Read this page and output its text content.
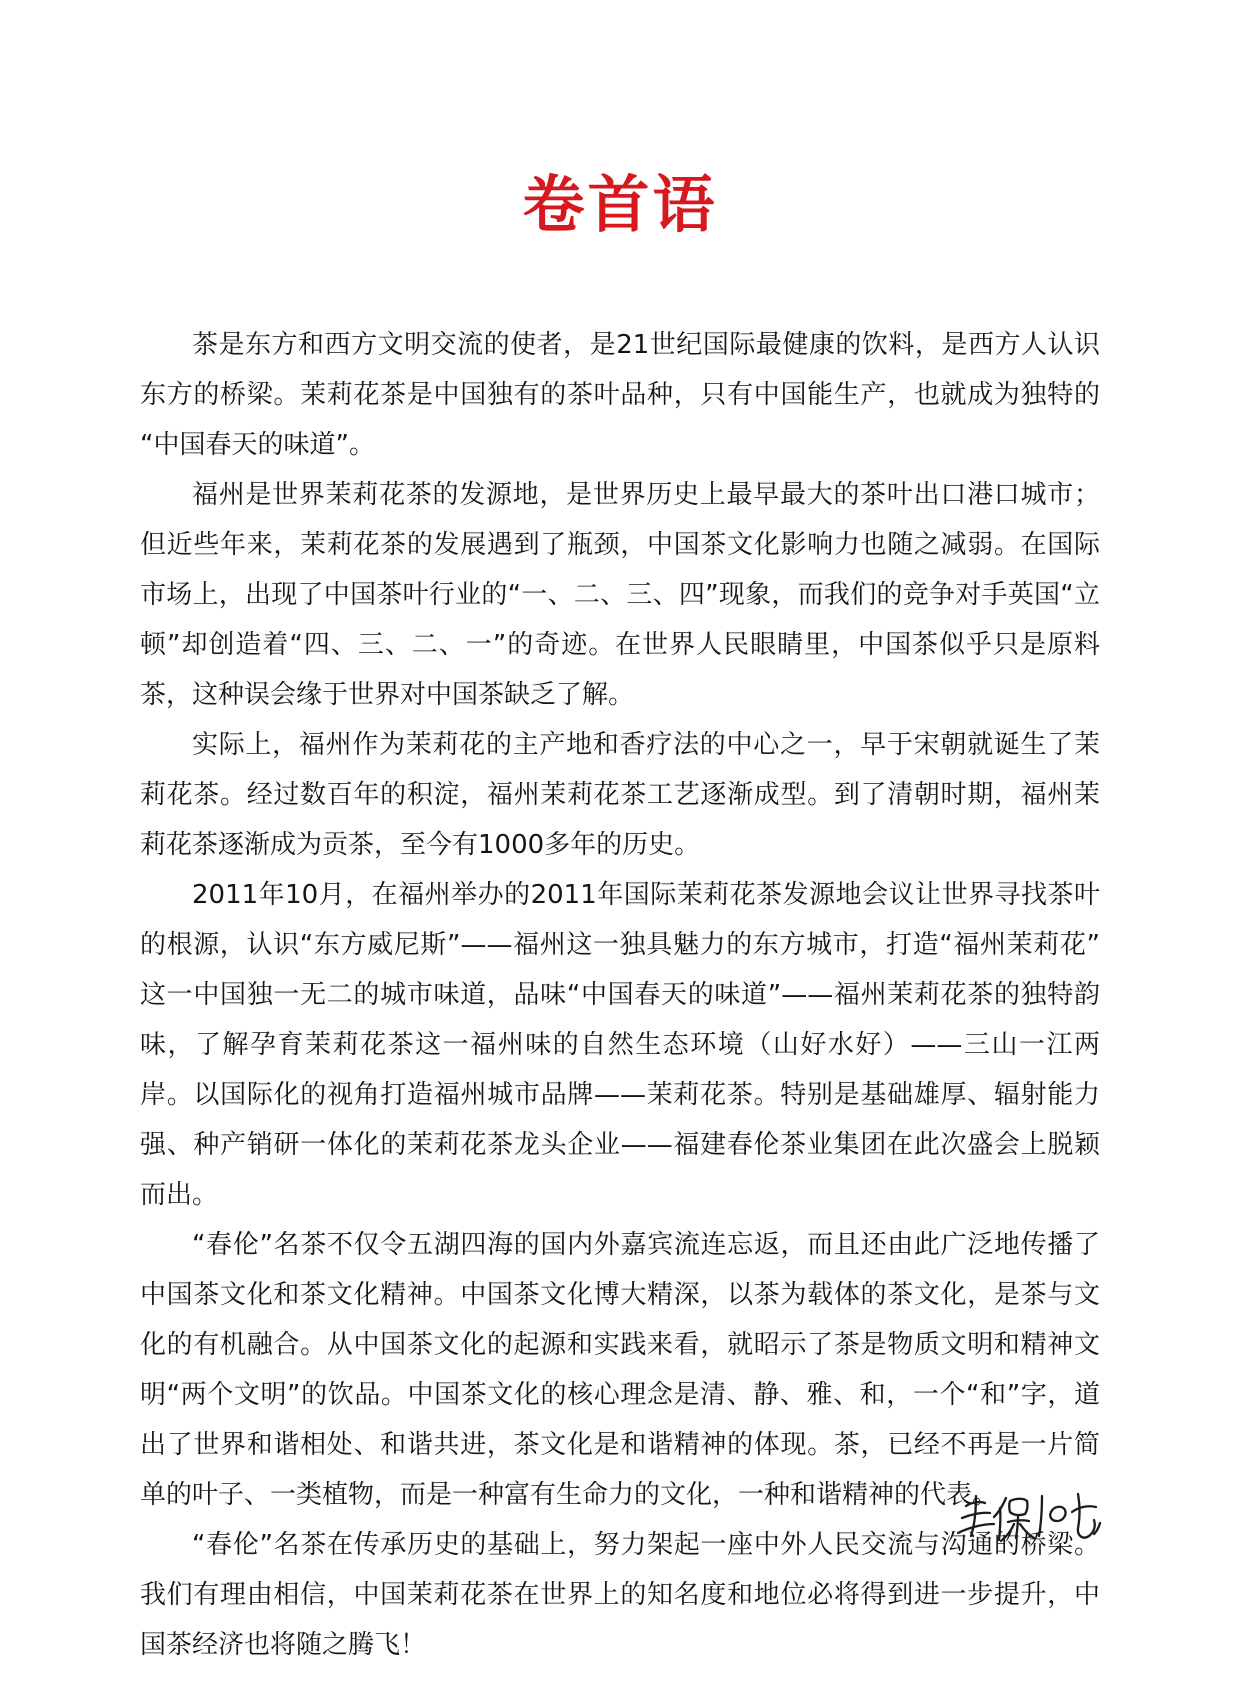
卷首语

茶是东方和西方文明交流的使者，是21世纪国际最健康的饮料，是西方人认识东方的桥梁。茉莉花茶是中国独有的茶叶品种，只有中国能生产，也就成为独特的“中国春天的味道”。

福州是世界茉莉花茶的发源地，是世界历史上最早最大的茶叶出口港口城市；但近些年来，茉莉花茶的发展遇到了瓶颈，中国茶文化影响力也随之减弱。在国际市场上，出现了中国茶叶行业的“一、二、三、四”现象，而我们的竞争对手英国“立顿”却创造着“四、三、二、一”的奇迹。在世界人民眼睛里，中国茶似乎只是原料茶，这种误会缘于世界对中国茶缺乏了解。

实际上，福州作为茉莉花的主产地和香疗法的中心之一，早于宋朝就诞生了茉莉花茶。经过数百年的积淀，福州茉莉花茶工艺逐渐成型。到了清朝时期，福州茉莉花茶逐渐成为贡茶，至今有1000多年的历史。

2011年10月，在福州举办的2011年国际茉莉花茶发源地会议让世界寻找茶叶的根源，认识“东方威尼斯”——福州这一独具魅力的东方城市，打造“福州茉莉花”这一中国独一无二的城市味道，品味“中国春天的味道”——福州茉莉花茶的独特韵味，了解孕育茉莉花茶这一福州味的自然生态环境（山好水好）——三山一江两岸。以国际化的视角打造福州城市品牌——茉莉花茶。特别是基础雄厚、辐射能力强、种产销研一体化的茉莉花茶龙头企业——福建春伦茶业集团在此次盛会上脱颖而出。

“春伦”名茶不仅令五湖四海的国内外嘉宾流连忘返，而且还由此广泛地传播了中国茶文化和茶文化精神。中国茶文化博大精深，以茶为载体的茶文化，是茶与文化的有机融合。从中国茶文化的起源和实践来看，就昭示了茶是物质文明和精神文明“两个文明”的饮品。中国茶文化的核心理念是清、静、雅、和，一个“和”字，道出了世界和谐相处、和谐共进，茶文化是和谐精神的体现。茶，已经不再是一片简单的叶子、一类植物，而是一种富有生命力的文化，一种和谐精神的代表。

“春伦”名茶在传承历史的基础上，努力架起一座中外人民交流与沟通的桥梁。我们有理由相信，中国茉莉花茶在世界上的知名度和地位必将得到进一步提升，中国茶经济也将随之腾飞！
